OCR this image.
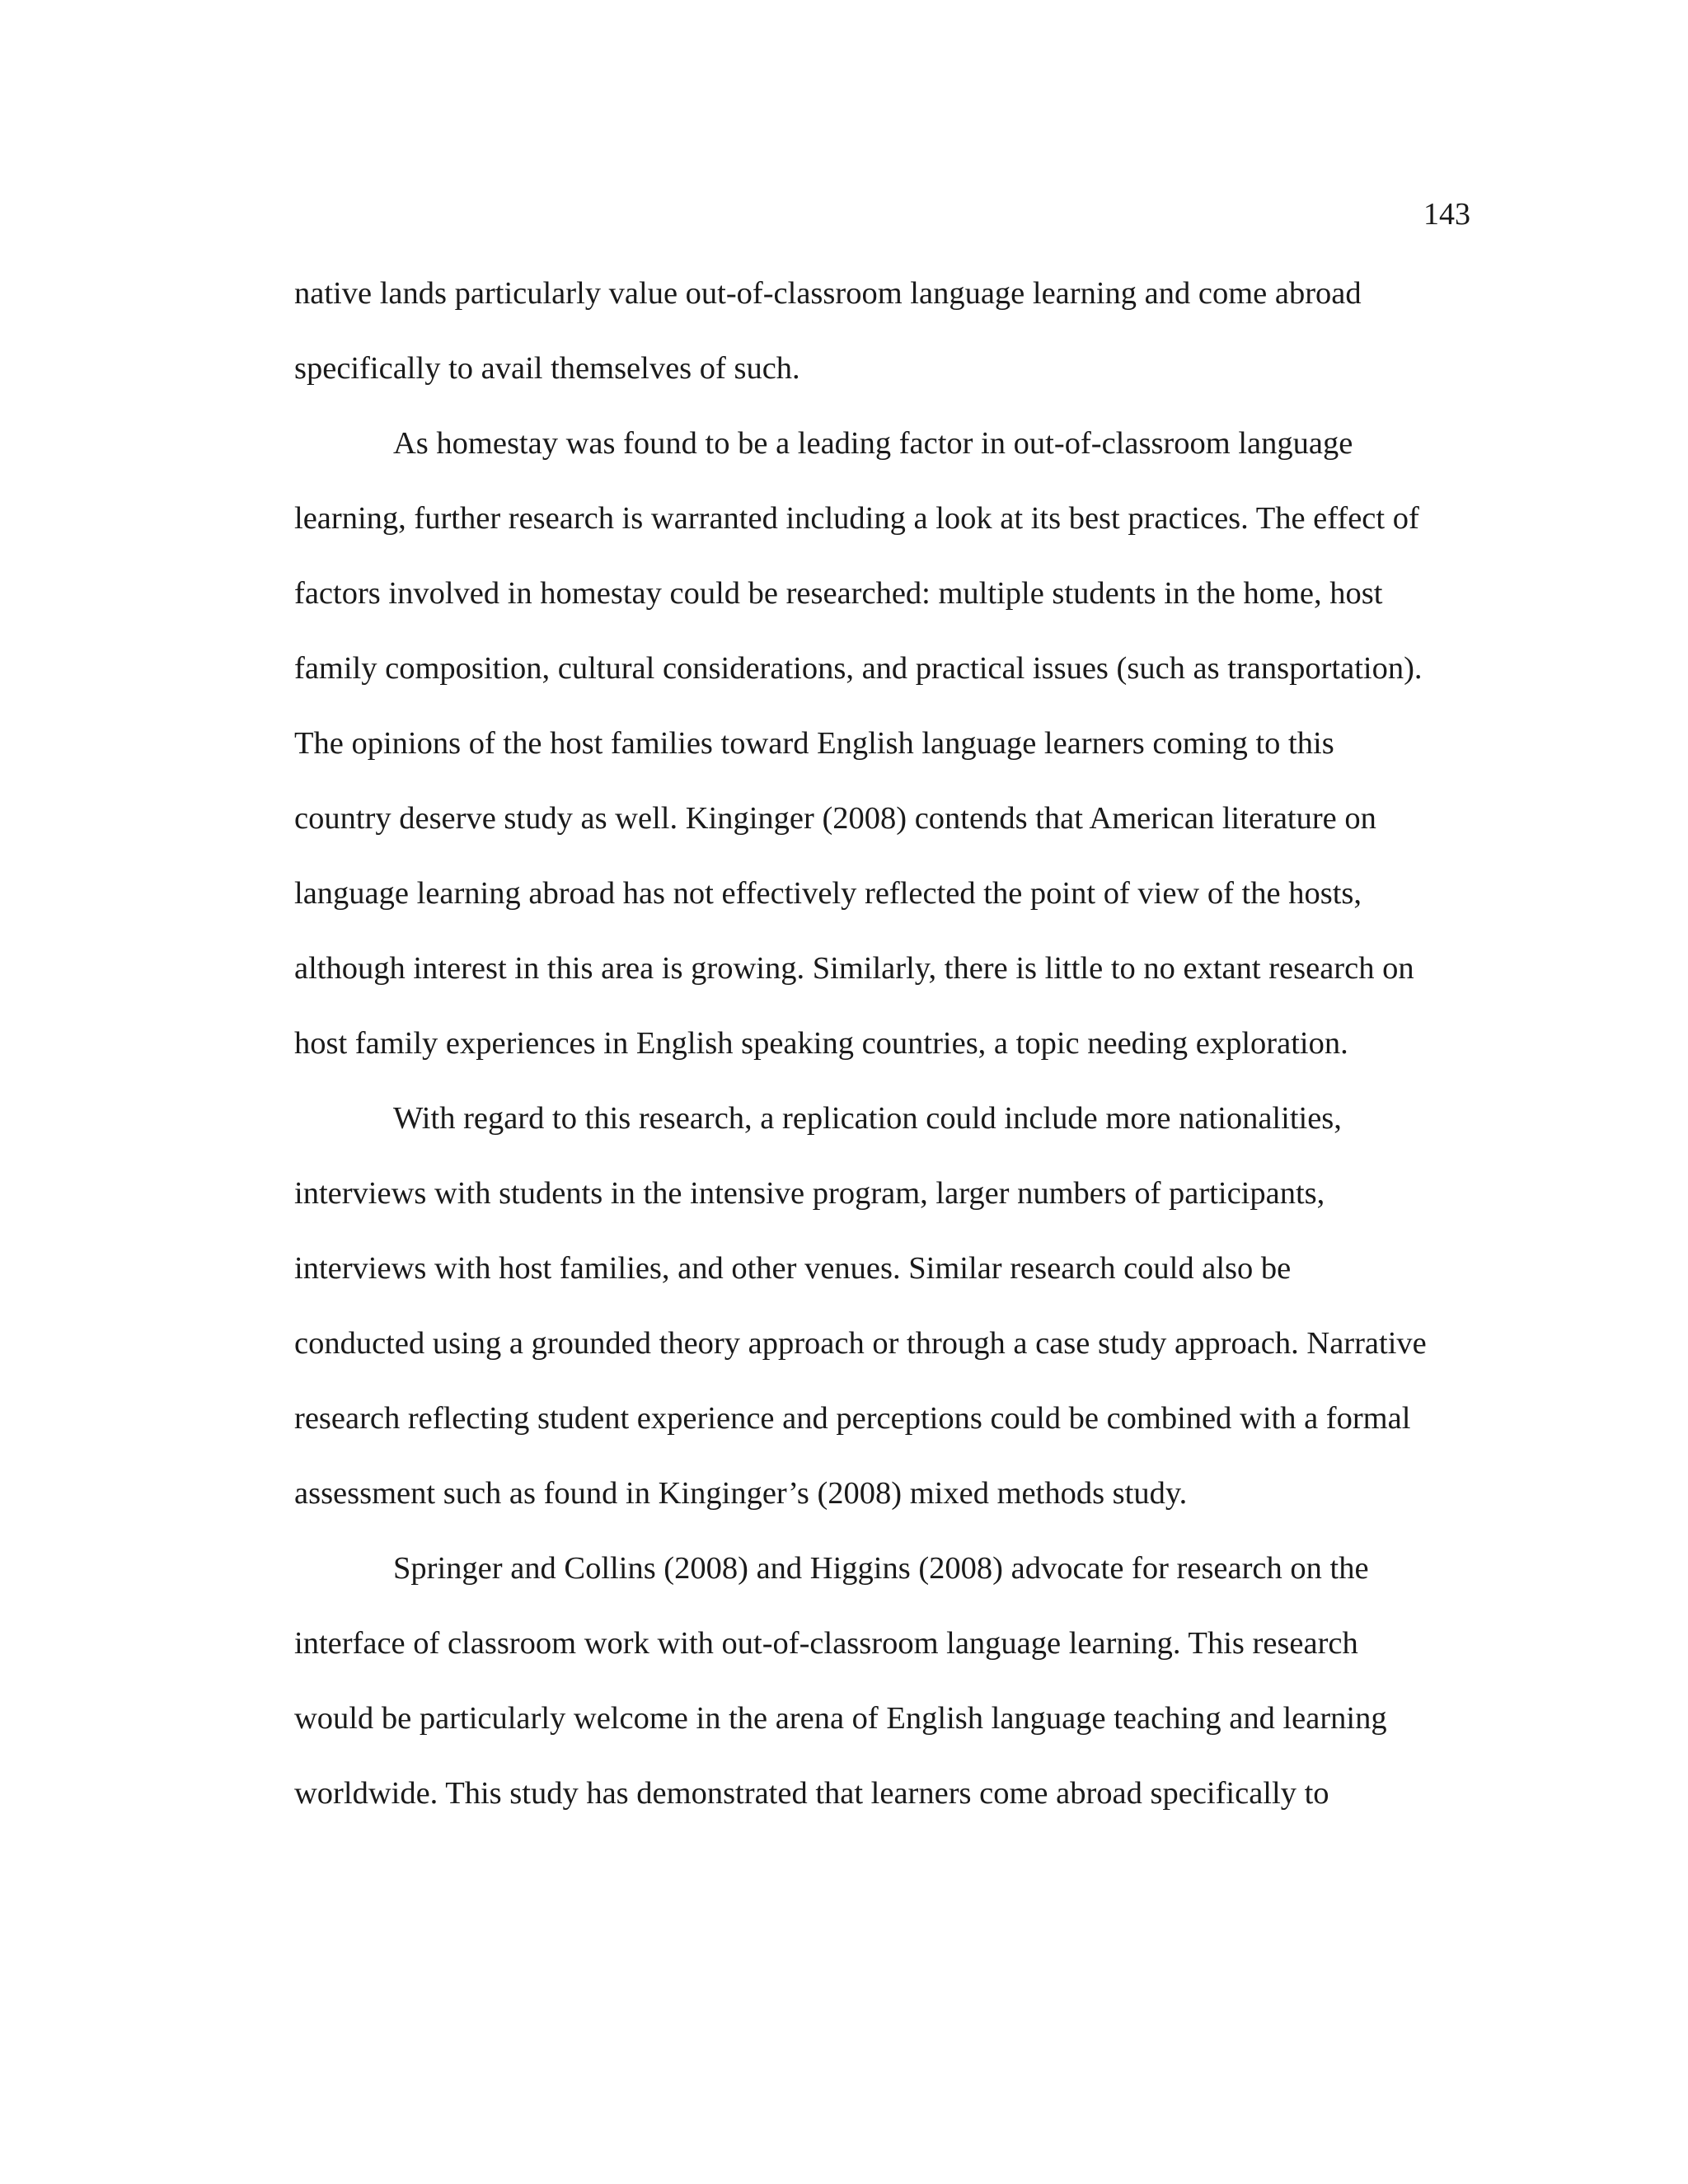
143
native lands particularly value out-of-classroom language learning and come abroad
specifically to avail themselves of such.
As homestay was found to be a leading factor in out-of-classroom language
learning, further research is warranted including a look at its best practices. The effect of
factors involved in homestay could be researched: multiple students in the home, host
family composition, cultural considerations, and practical issues (such as transportation).
The opinions of the host families toward English language learners coming to this
country deserve study as well. Kinginger (2008) contends that American literature on
language learning abroad has not effectively reflected the point of view of the hosts,
although interest in this area is growing. Similarly, there is little to no extant research on
host family experiences in English speaking countries, a topic needing exploration.
With regard to this research, a replication could include more nationalities,
interviews with students in the intensive program, larger numbers of participants,
interviews with host families, and other venues. Similar research could also be
conducted using a grounded theory approach or through a case study approach. Narrative
research reflecting student experience and perceptions could be combined with a formal
assessment such as found in Kinginger’s (2008) mixed methods study.
Springer and Collins (2008) and Higgins (2008) advocate for research on the
interface of classroom work with out-of-classroom language learning. This research
would be particularly welcome in the arena of English language teaching and learning
worldwide. This study has demonstrated that learners come abroad specifically to
